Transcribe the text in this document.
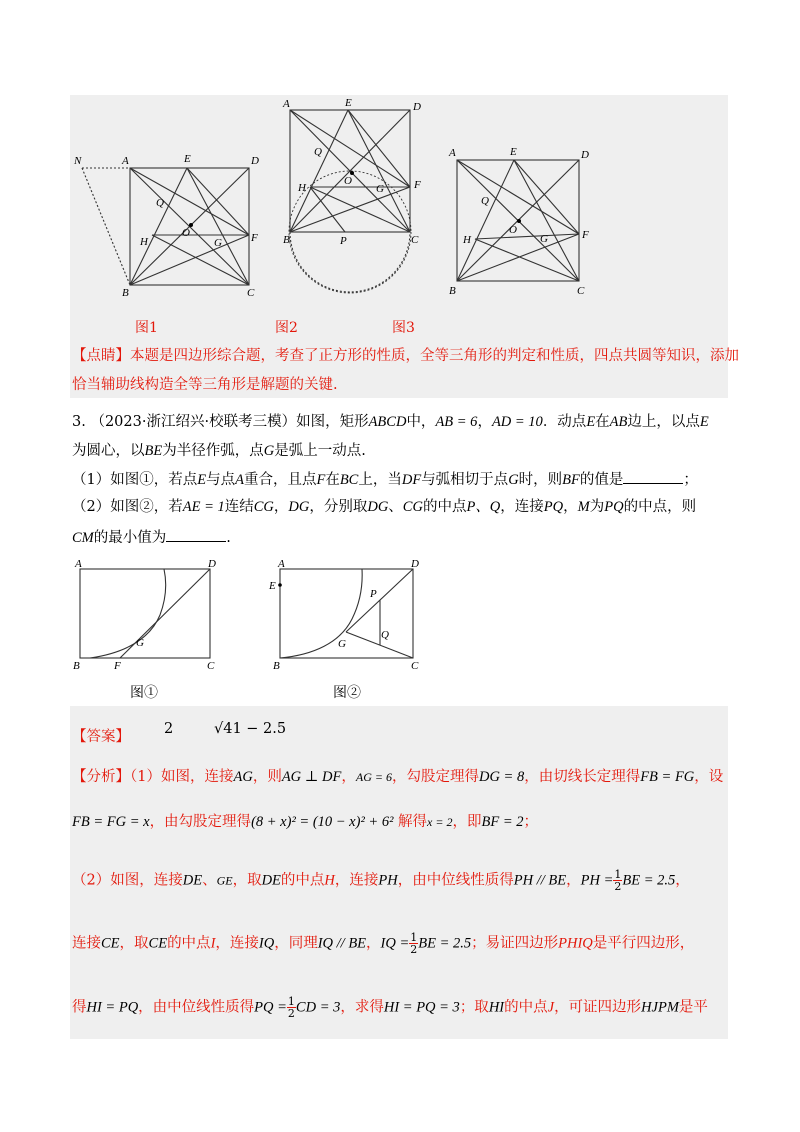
N	A	E	D
Q
O
H	G	F
B	C
A	E	D
Q
O
H	G	F
B	P	C
A	E	D
Q
O
H	G	F
B	C
图1	图2	图3
【点睛】本题是四边形综合题，考查了正方形的性质，全等三角形的判定和性质，四点共圆等知识，添加
恰当辅助线构造全等三角形是解题的关键.
3. （2023·浙江绍兴·校联考三模）如图，矩形ABCD中，AB = 6，AD = 10．动点E在AB边上，以点E
为圆心，以BE为半径作弧，点G是弧上一动点.
（1）如图①，若点E与点A重合，且点F在BC上，当DF与弧相切于点G时，则BF的值是	；
（2）如图②，若AE = 1连结CG，DG，分别取DG、CG的中点P、Q，连接PQ，M为PQ的中点，则
CM的最小值为	.
A	D
G
B	F	C
A
E
D
P
Q
G
B	C
图①	图②
【答案】 2	√41 − 2.5
【分析】（1）如图，连接AG，则AG ⊥ DF，AG = 6，勾股定理得DG = 8，由切线长定理得FB = FG，设
FB = FG = x，由勾股定理得(8 + x)² = (10 − x)² + 6² 解得x = 2，即BF = 2；
（2）如图，连接DE、GE，取DE的中点H，连接PH，由中位线性质得PH // BE，PH = $\frac{1}{2}$ BE = 2.5，
连接CE，取CE的中点I，连接IQ，同理IQ // BE，IQ = $\frac{1}{2}$ BE = 2.5；易证四边形PHIQ是平行四边形，
得HI = PQ，由中位线性质得PQ = $\frac{1}{2}$ CD = 3，求得HI = PQ = 3；取HI的中点J，可证四边形HJPM是平
